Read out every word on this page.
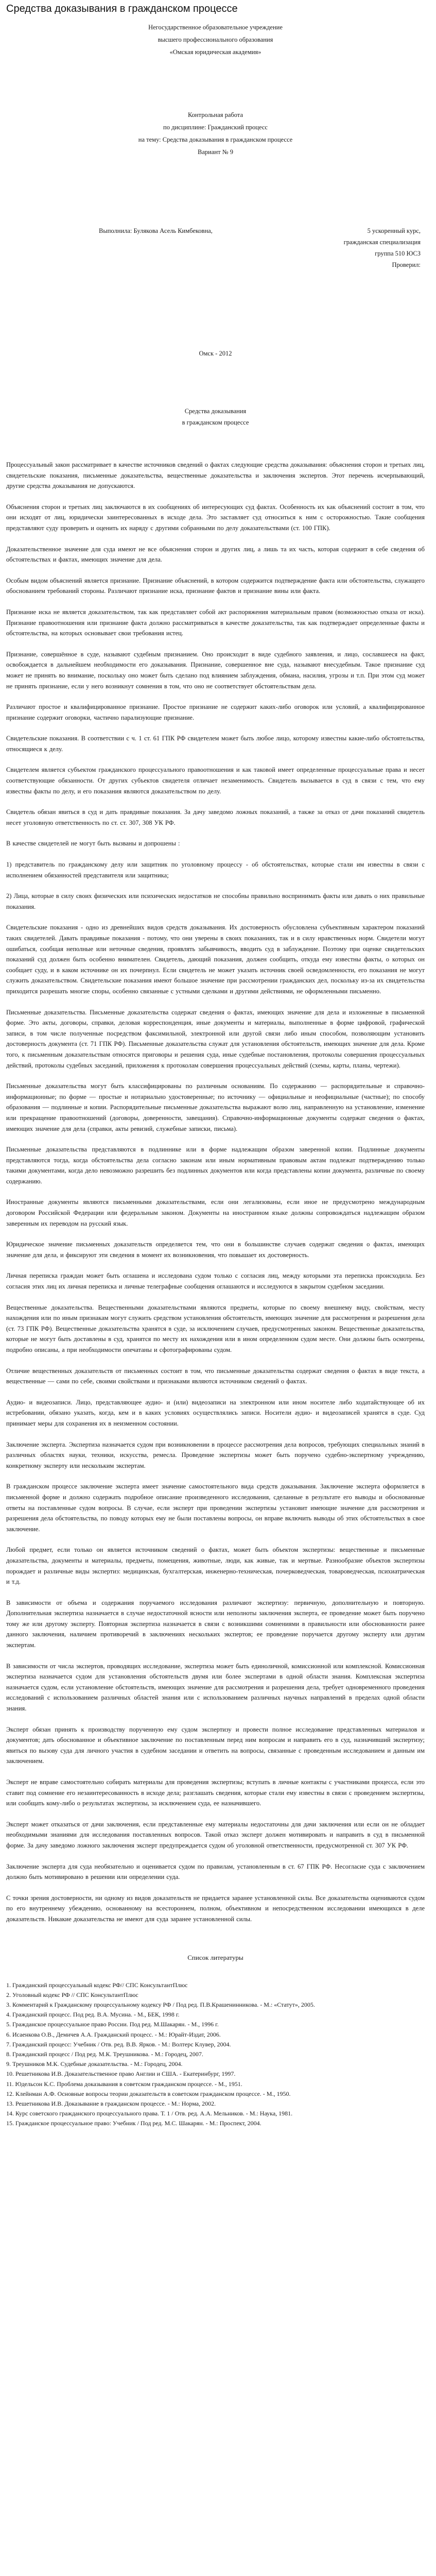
Средства доказывания в гражданском процессе
Негосударственное образовательное учреждение
высшего профессионального образования
«Омская юридическая академия»
Контрольная работа
по дисциплине: Гражданский процесс
на тему: Средства доказывания в гражданском процессе
Вариант № 9
Выполнила: Булякова Асель Кимбековна,	5 ускоренный курс,
гражданская специализация
группа 510 ЮСЗ
Проверил:
Омск - 2012
Средства доказывания
в гражданском процессе

Процессуальный закон рассматривает в качестве источников сведений о фактах следующие средства доказывания: объяснения сторон и третьих лиц, свидетельские показания, письменные доказательства, вещественные доказательства и заключения экспертов. Этот перечень исчерпывающий, другие средства доказывания не допускаются.

Объяснения сторон и третьих лиц заключаются в их сообщениях об интересующих суд фактах. Особенность их как объяснений состоит в том, что они исходят от лиц, юридически заинтересованных в исходе дела. Это заставляет суд относиться к ним с осторожностью. Такие сообщения представляют суду проверить и оценить их наряду с другими собранными по делу доказательствами (ст. 100 ГПК).

Доказательственное значение для суда имеют не все объяснения сторон и других лиц, а лишь та их часть, которая содержит в себе сведения об обстоятельствах и фактах, имеющих значение для дела.

Особым видом объяснений является признание. Признание объяснений, в котором содержится подтверждение факта или обстоятельства, служащего обоснованием требований стороны. Различают признание иска, признание фактов и признание вины или факта.

Признание иска не является доказательством, так как представляет собой акт распоряжения материальным правом (возможностью отказа от иска). Признание правоотношения или признание факта должно рассматриваться в качестве доказательства, так как подтверждает определенные факты и обстоятельства, на которых основывает свои требования истец.

Признание, совершённое в суде, называют судебным признанием. Оно происходит в виде судебного заявления, и лицо, сославшееся на факт, освобождается в дальнейшем необходимости его доказывания. Признание, совершенное вне суда, называют внесудебным. Такое признание суд может не принять во внимание, поскольку оно может быть сделано под влиянием заблуждения, обмана, насилия, угрозы и т.п. При этом суд может не принять признание, если у него возникнут сомнения в том, что оно не соответствует обстоятельствам дела.

Различают простое и квалифицированное признание. Простое признание не содержит каких-либо оговорок или условий, а квалифицированное признание содержит оговорки, частично парализующие признание.

Свидетельские показания. В соответствии с ч. 1 ст. 61 ГПК РФ свидетелем может быть любое лицо, которому известны какие-либо обстоятельства, относящиеся к делу.

Свидетелем является субъектом гражданского процессуального правоотношения и как таковой имеет определенные процессуальные права и несет соответствующие обязанности. От других субъектов свидетеля отличает незаменимость. Свидетель вызывается в суд в связи с тем, что ему известны факты по делу, и его показания являются доказательством по делу.

Свидетель обязан явиться в суд и дать правдивые показания. За дачу заведомо ложных показаний, а также за отказ от дачи показаний свидетель несет уголовную ответственность по ст. ст. 307, 308 УК РФ.

В качестве свидетелей не могут быть вызваны и допрошены :

1) представитель по гражданскому делу или защитник по уголовному процессу - об обстоятельствах, которые стали им известны в связи с исполнением обязанностей представителя или защитника;

2) Лица, которые в силу своих физических или психических недостатков не способны правильно воспринимать факты или давать о них правильные показания.

Свидетельские показания - одно из древнейших видов средств доказывания. Их достоверность обусловлена субъективным характером показаний таких свидетелей. Давать правдивые показания - потому, что они уверены в своих показаниях, так и в силу нравственных норм. Свидетели могут ошибаться, сообщая неполные или неточные сведения, проявлять забывчивость, вводить суд в заблуждение. Поэтому при оценке свидетельских показаний суд должен быть особенно внимателен. Свидетель, дающий показания, должен сообщить, откуда ему известны факты, о которых он сообщает суду, и в каком источнике он их почерпнул. Если свидетель не может указать источник своей осведомленности, его показания не могут служить доказательством. Свидетельские показания имеют большое значение при рассмотрении гражданских дел, поскольку из-за их свидетельства приходится разрешать многие споры, особенно связанные с устными сделками и другими действиями, не оформленными письменно.

Письменные доказательства. Письменные доказательства содержат сведения о фактах, имеющих значение для дела и изложенные в письменной форме. Это акты, договоры, справки, деловая корреспонденция, иные документы и материалы, выполненные в форме цифровой, графической записи, в том числе полученные посредством факсимильной, электронной или другой связи либо иным способом, позволяющим установить достоверность документа (ст. 71 ГПК РФ). Письменные доказательства служат для установления обстоятельств, имеющих значение для дела. Кроме того, к письменным доказательствам относятся приговоры и решения суда, иные судебные постановления, протоколы совершения процессуальных действий, протоколы судебных заседаний, приложения к протоколам совершения процессуальных действий (схемы, карты, планы, чертежи).

Письменные доказательства могут быть классифицированы по различным основаниям. По содержанию — распорядительные и справочно-информационные; по форме — простые и нотариально удостоверенные; по источнику — официальные и неофициальные (частные); по способу образования — подлинные и копии. Распорядительные письменные доказательства выражают волю лиц, направленную на установление, изменение или прекращение правоотношений (договоры, доверенности, завещания). Справочно-информационные документы содержат сведения о фактах, имеющих значение для дела (справки, акты ревизий, служебные записки, письма).

Письменные доказательства представляются в подлиннике или в форме надлежащим образом заверенной копии. Подлинные документы представляются тогда, когда обстоятельства дела согласно законам или иным нормативным правовым актам подлежат подтверждению только такими документами, когда дело невозможно разрешить без подлинных документов или когда представлены копии документа, различные по своему содержанию.

Иностранные документы являются письменными доказательствами, если они легализованы, если иное не предусмотрено международным договором Российской Федерации или федеральным законом. Документы на иностранном языке должны сопровождаться надлежащим образом заверенным их переводом на русский язык.

Юридическое значение письменных доказательств определяется тем, что они в большинстве случаев содержат сведения о фактах, имеющих значение для дела, и фиксируют эти сведения в момент их возникновения, что повышает их достоверность.

Личная переписка граждан может быть оглашена и исследована судом только с согласия лиц, между которыми эта переписка происходила. Без согласия этих лиц их личная переписка и личные телеграфные сообщения оглашаются и исследуются в закрытом судебном заседании.

Вещественные доказательства. Вещественными доказательствами являются предметы, которые по своему внешнему виду, свойствам, месту нахождения или по иным признакам могут служить средством установления обстоятельств, имеющих значение для рассмотрения и разрешения дела (ст. 73 ГПК РФ). Вещественные доказательства хранятся в суде, за исключением случаев, предусмотренных законом. Вещественные доказательства, которые не могут быть доставлены в суд, хранятся по месту их нахождения или в ином определенном судом месте. Они должны быть осмотрены, подробно описаны, а при необходимости опечатаны и сфотографированы судом.

Отличие вещественных доказательств от письменных состоит в том, что письменные доказательства содержат сведения о фактах в виде текста, а вещественные — сами по себе, своими свойствами и признаками являются источником сведений о фактах.

Аудио- и видеозаписи. Лицо, представляющее аудио- и (или) видеозаписи на электронном или ином носителе либо ходатайствующее об их истребовании, обязано указать, когда, кем и в каких условиях осуществлялись записи. Носители аудио- и видеозаписей хранятся в суде. Суд принимает меры для сохранения их в неизменном состоянии.

Заключение эксперта. Экспертиза назначается судом при возникновении в процессе рассмотрения дела вопросов, требующих специальных знаний в различных областях науки, техники, искусства, ремесла. Проведение экспертизы может быть поручено судебно-экспертному учреждению, конкретному эксперту или нескольким экспертам.

В гражданском процессе заключение эксперта имеет значение самостоятельного вида средств доказывания. Заключение эксперта оформляется в письменной форме и должно содержать подробное описание произведенного исследования, сделанные в результате его выводы и обоснованные ответы на поставленные судом вопросы. В случае, если эксперт при проведении экспертизы установит имеющие значение для рассмотрения и разрешения дела обстоятельства, по поводу которых ему не были поставлены вопросы, он вправе включить выводы об этих обстоятельствах в свое заключение.

Любой предмет, если только он является источником сведений о фактах, может быть объектом экспертизы: вещественные и письменные доказательства, документы и материалы, предметы, помещения, животные, люди, как живые, так и мертвые. Разнообразие объектов экспертизы порождает и различные виды экспертиз: медицинская, бухгалтерская, инженерно-техническая, почерковедческая, товароведческая, психиатрическая и т.д.

В зависимости от объема и содержания поручаемого исследования различают экспертизу: первичную, дополнительную и повторную. Дополнительная экспертиза назначается в случае недостаточной ясности или неполноты заключения эксперта, ее проведение может быть поручено тому же или другому эксперту. Повторная экспертиза назначается в связи с возникшими сомнениями в правильности или обоснованности ранее данного заключения, наличием противоречий в заключениях нескольких экспертов; ее проведение поручается другому эксперту или другим экспертам.

В зависимости от числа экспертов, проводящих исследование, экспертиза может быть единоличной, комиссионной или комплексной. Комиссионная экспертиза назначается судом для установления обстоятельств двумя или более экспертами в одной области знания. Комплексная экспертиза назначается судом, если установление обстоятельств, имеющих значение для рассмотрения и разрешения дела, требует одновременного проведения исследований с использованием различных областей знания или с использованием различных научных направлений в пределах одной области знания.

Эксперт обязан принять к производству порученную ему судом экспертизу и провести полное исследование представленных материалов и документов; дать обоснованное и объективное заключение по поставленным перед ним вопросам и направить его в суд, назначивший экспертизу; явиться по вызову суда для личного участия в судебном заседании и ответить на вопросы, связанные с проведенным исследованием и данным им заключением.

Эксперт не вправе самостоятельно собирать материалы для проведения экспертизы; вступать в личные контакты с участниками процесса, если это ставит под сомнение его незаинтересованность в исходе дела; разглашать сведения, которые стали ему известны в связи с проведением экспертизы, или сообщать кому-либо о результатах экспертизы, за исключением суда, ее назначившего.

Эксперт может отказаться от дачи заключения, если представленные ему материалы недостаточны для дачи заключения или если он не обладает необходимыми знаниями для исследования поставленных вопросов. Такой отказ эксперт должен мотивировать и направить в суд в письменной форме. За дачу заведомо ложного заключения эксперт предупреждается судом об уголовной ответственности, предусмотренной ст. 307 УК РФ.

Заключение эксперта для суда необязательно и оценивается судом по правилам, установленным в ст. 67 ГПК РФ. Несогласие суда с заключением должно быть мотивировано в решении или определении суда.

С точки зрения достоверности, ни одному из видов доказательств не придается заранее установленной силы. Все доказательства оцениваются судом по его внутреннему убеждению, основанному на всестороннем, полном, объективном и непосредственном исследовании имеющихся в деле доказательств. Никакие доказательства не имеют для суда заранее установленной силы.

Список литературы
1. Гражданский процессуальный кодекс РФ// СПС КонсультантПлюс
2. Уголовный кодекс РФ // СПС КонсультантПлюс
3. Комментарий к Гражданскому процессуальному кодексу РФ / Под ред. П.В.Крашенинникова. - М.: «Статут», 2005.
4. Гражданский процесс. Под ред. В.А. Мусина. - М., БЕК, 1998 г.
5. Гражданское процессуальное право России. Под ред. М.Шакарян. - М., 1996 г.
6. Исаенкова О.В., Демичев А.А. Гражданский процесс. - М.: Юрайт-Издат, 2006.
7. Гражданский процесс: Учебник / Отв. ред. В.В. Ярков. - М.: Волтерс Клувер, 2004.
8. Гражданский процесс / Под ред. М.К. Треушникова. - М.: Городец, 2007.
9. Треушников М.К. Судебные доказательства. - М.: Городец, 2004.
10. Решетникова И.В. Доказательственное право Англии и США. - Екатеринбург, 1997.
11. Юдельсон К.С. Проблема доказывания в советском гражданском процессе. - М., 1951.
12. Клейнман А.Ф. Основные вопросы теории доказательств в советском гражданском процессе. - М., 1950.
13. Решетникова И.В. Доказывание в гражданском процессе. - М.: Норма, 2002.
14. Курс советского гражданского процессуального права. Т. 1 / Отв. ред. А.А. Мельников. - М.: Наука, 1981.
15. Гражданское процессуальное право: Учебник / Под ред. М.С. Шакарян. - М.: Проспект, 2004.
